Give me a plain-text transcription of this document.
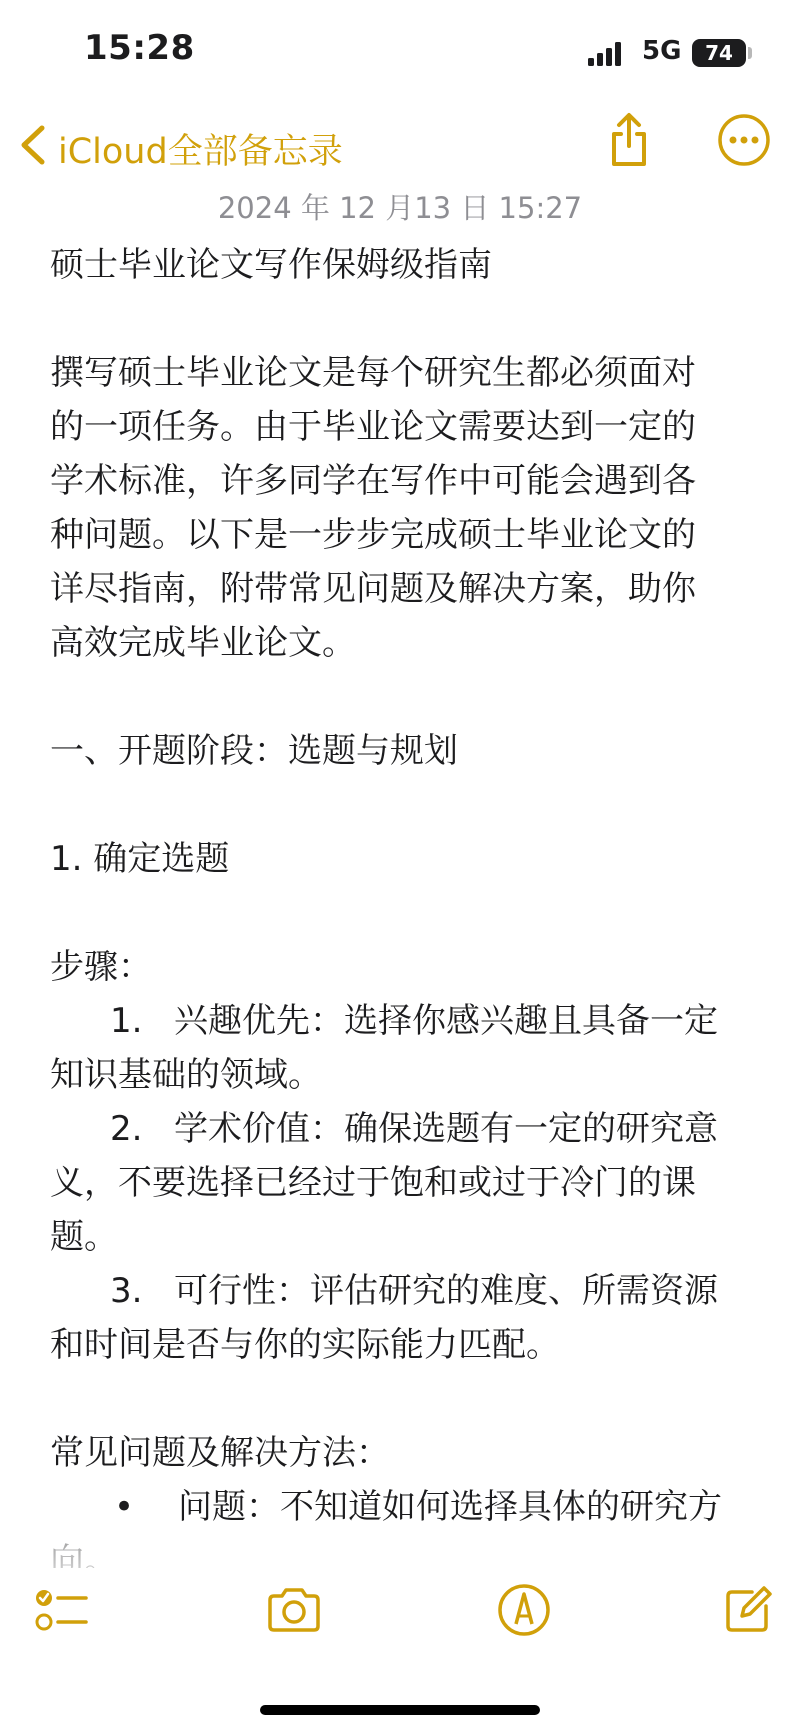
15:28	5G	74
iCloud全部备忘录
2024 年 12 月13 日 15:27
硕士毕业论文写作保姆级指南
撰写硕士毕业论文是每个研究生都必须面对
的一项任务。由于毕业论文需要达到一定的
学术标准，许多同学在写作中可能会遇到各
种问题。以下是一步步完成硕士毕业论文的
详尽指南，附带常见问题及解决方案，助你
高效完成毕业论文。
一、开题阶段：选题与规划
1. 确定选题
步骤：
1. 兴趣优先：选择你感兴趣且具备一定
知识基础的领域。
2. 学术价值：确保选题有一定的研究意
义，不要选择已经过于饱和或过于冷门的课
题。
3. 可行性：评估研究的难度、所需资源
和时间是否与你的实际能力匹配。
常见问题及解决方法：
• 问题：不知道如何选择具体的研究方
